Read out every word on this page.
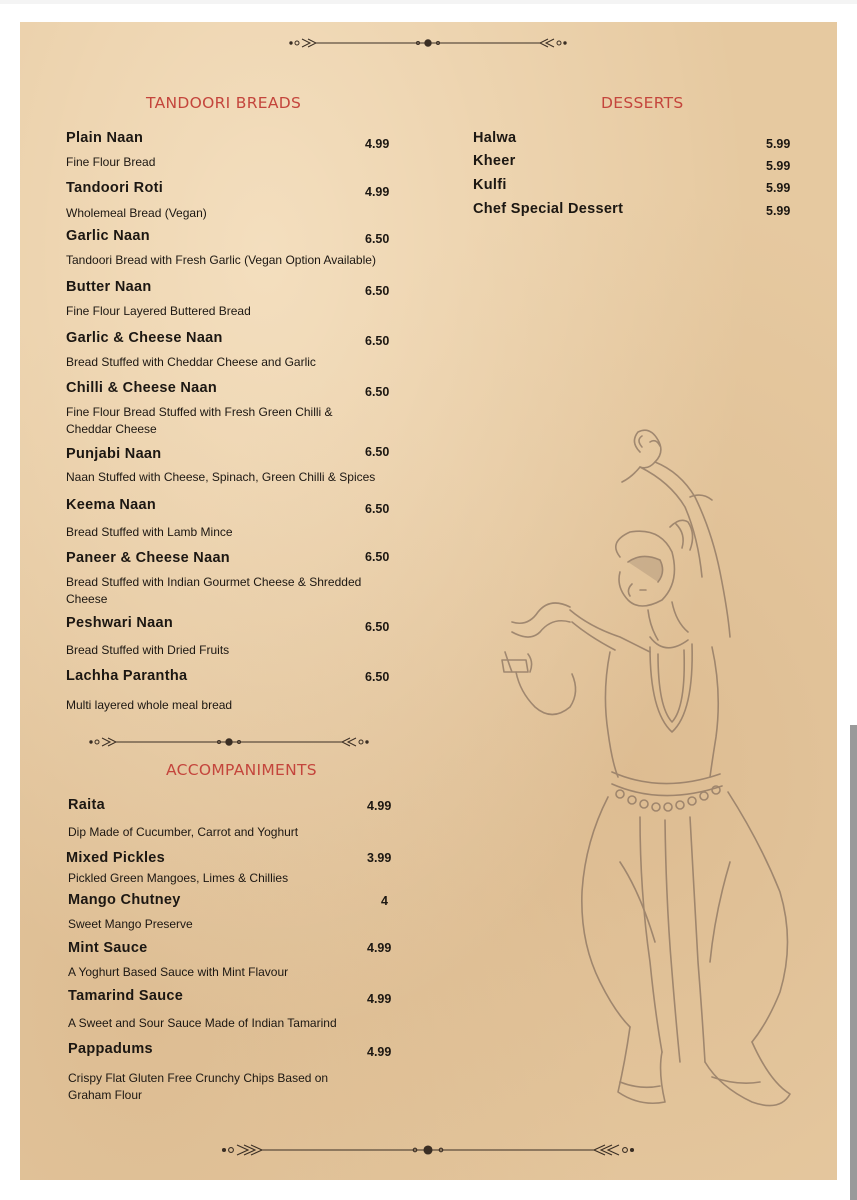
TANDOORI BREADS
Plain Naan	4.99
Fine Flour Bread
Tandoori Roti	4.99
Wholemeal Bread (Vegan)
Garlic Naan	6.50
Tandoori Bread with Fresh Garlic (Vegan Option Available)
Butter Naan	6.50
Fine Flour Layered Buttered Bread
Garlic & Cheese Naan	6.50
Bread Stuffed with Cheddar Cheese and Garlic
Chilli & Cheese Naan	6.50
Fine Flour Bread Stuffed with Fresh Green Chilli & Cheddar Cheese
Punjabi Naan	6.50
Naan Stuffed with Cheese, Spinach, Green Chilli & Spices
Keema Naan	6.50
Bread Stuffed with Lamb Mince
Paneer & Cheese Naan	6.50
Bread Stuffed with Indian Gourmet Cheese & Shredded Cheese
Peshwari Naan	6.50
Bread Stuffed with Dried Fruits
Lachha Parantha	6.50
Multi layered whole meal bread
ACCOMPANIMENTS
Raita	4.99
Dip Made of Cucumber, Carrot and Yoghurt
Mixed Pickles	3.99
Pickled Green Mangoes, Limes & Chillies
Mango Chutney	4
Sweet Mango Preserve
Mint Sauce	4.99
A Yoghurt Based Sauce with Mint Flavour
Tamarind Sauce	4.99
A Sweet and Sour Sauce Made of Indian Tamarind
Pappadums	4.99
Crispy Flat Gluten Free Crunchy Chips Based on Graham Flour
DESSERTS
Halwa	5.99
Kheer	5.99
Kulfi	5.99
Chef Special Dessert	5.99
